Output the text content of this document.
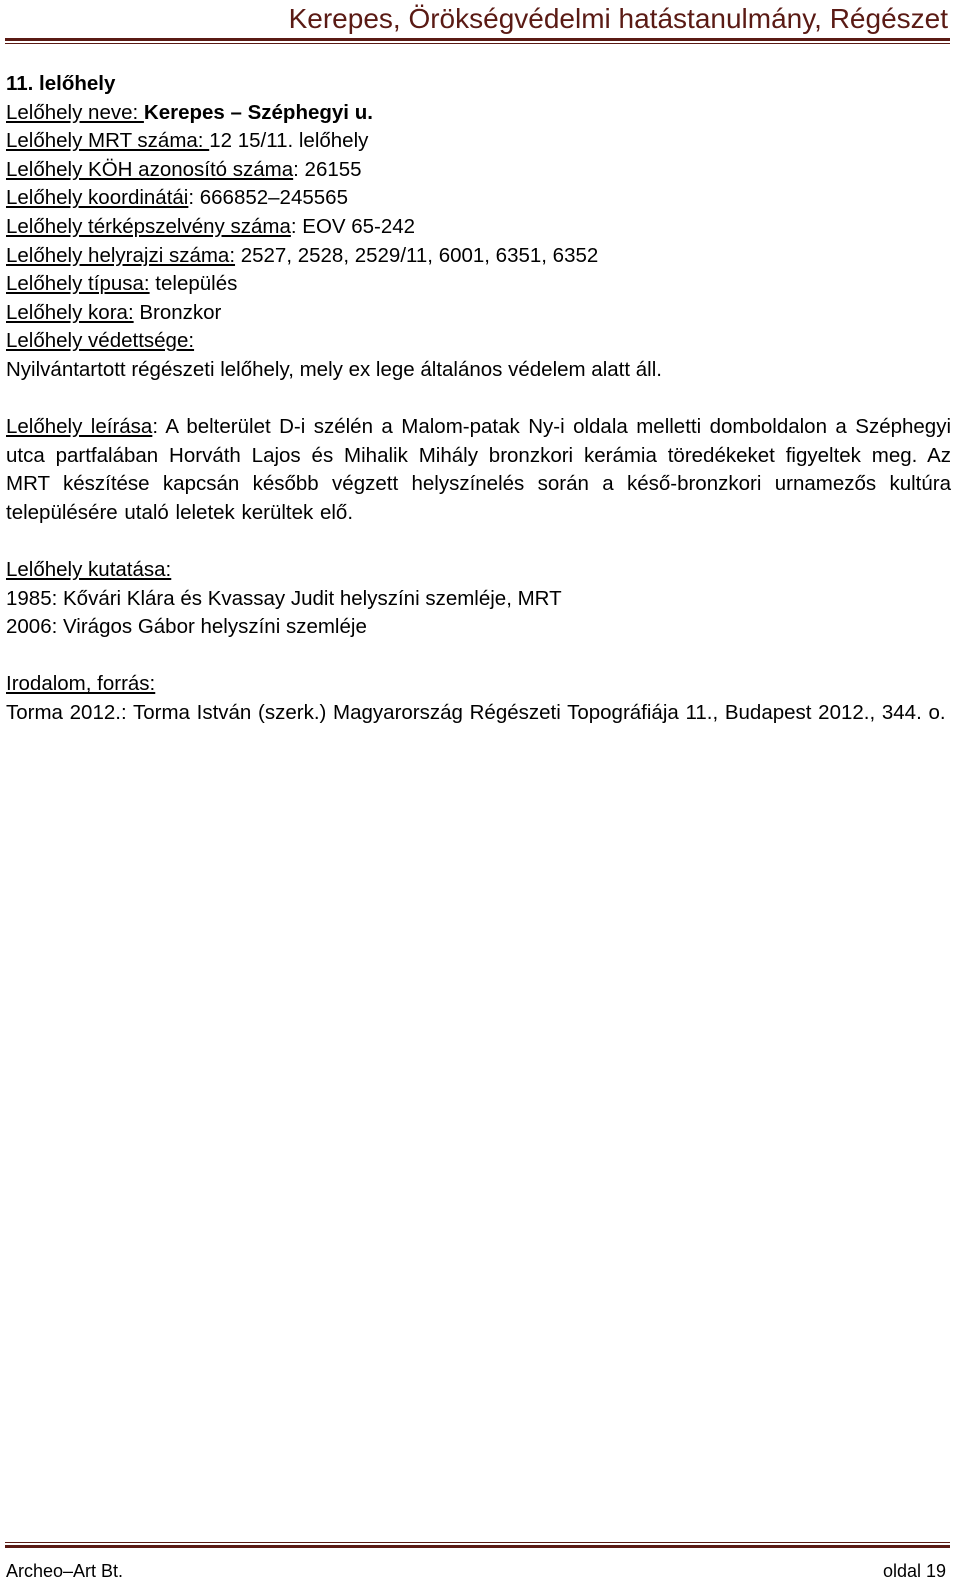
Kerepes, Örökségvédelmi hatástanulmány, Régészet
11. lelőhely
Lelőhely neve: Kerepes – Széphegyi u.
Lelőhely MRT száma: 12 15/11. lelőhely
Lelőhely KÖH azonosító száma: 26155
Lelőhely koordinátái: 666852–245565
Lelőhely térképszelvény száma: EOV 65-242
Lelőhely helyrajzi száma: 2527, 2528, 2529/11, 6001, 6351, 6352
Lelőhely típusa: település
Lelőhely kora: Bronzkor
Lelőhely védettsége:
Nyilvántartott régészeti lelőhely, mely ex lege általános védelem alatt áll.
Lelőhely leírása: A belterület D-i szélén a Malom-patak Ny-i oldala melletti domboldalon a Széphegyi utca partfalában Horváth Lajos és Mihalik Mihály bronzkori kerámia töredékeket figyeltek meg. Az MRT készítése kapcsán később végzett helyszínelés során a késő-bronzkori urnamezős kultúra településére utaló leletek kerültek elő.
Lelőhely kutatása:
1985: Kővári Klára és Kvassay Judit helyszíni szemléje, MRT
2006: Virágos Gábor helyszíni szemléje
Irodalom, forrás:
Torma 2012.: Torma István (szerk.) Magyarország Régészeti Topográfiája 11., Budapest 2012., 344. o.
Archeo–Art Bt.	oldal 19
